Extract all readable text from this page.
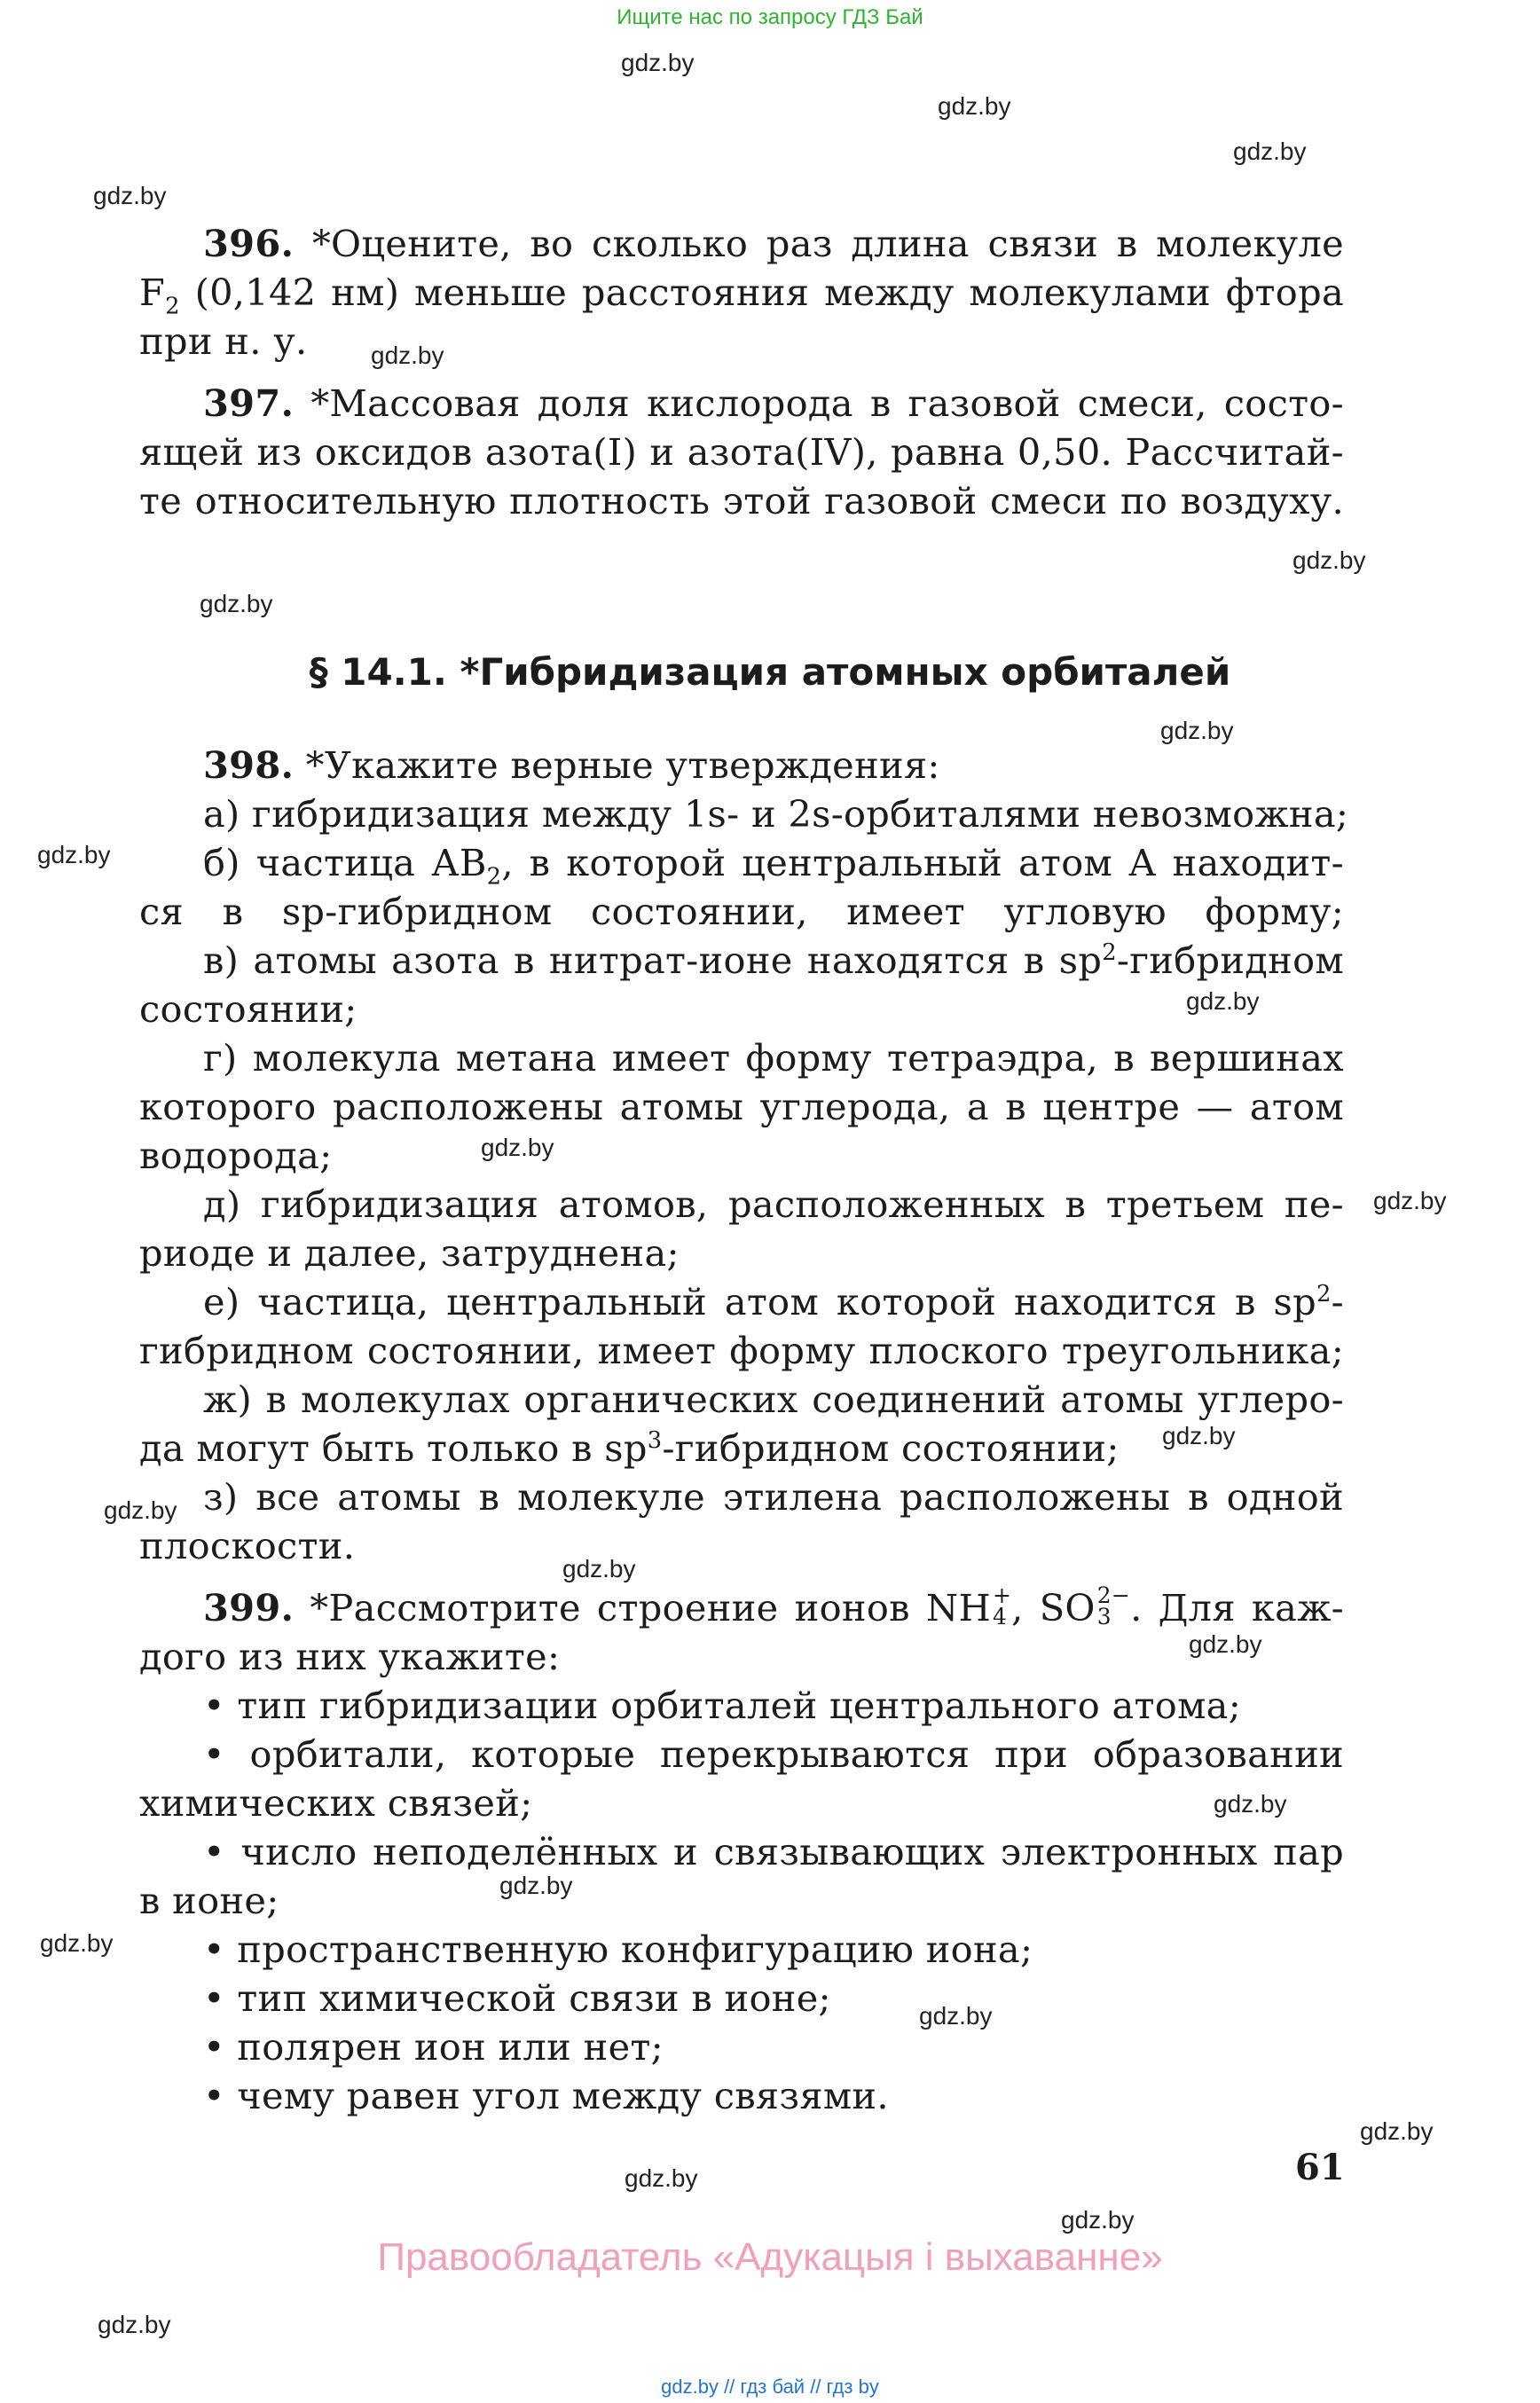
Ищите нас по запросу ГДЗ Бай
gdz.by
gdz.by
gdz.by
gdz.by
gdz.by
gdz.by
gdz.by
gdz.by
gdz.by
gdz.by
gdz.by
gdz.by
gdz.by
gdz.by
gdz.by
gdz.by
gdz.by
gdz.by
gdz.by
gdz.by
gdz.by
gdz.by
gdz.by
gdz.by
396. *Оцените, во сколько раз длина связи в молекуле
$F_2$ (0,142 нм) меньше расстояния между молекулами фтора
при н. у.
397. *Массовая доля кислорода в газовой смеси, состо-
ящей из оксидов азота(I) и азота(IV), равна 0,50. Рассчитай-
те относительную плотность этой газовой смеси по воздуху.
398. *Укажите верные утверждения:
а) гибридизация между 1s- и 2s-орбиталями невозможна;
б) частица $АВ_2$, в которой центральный атом А находит-
ся в sp-гибридном состоянии, имеет угловую форму;
в) атомы азота в нитрат-ионе находятся в $sp^2$-гибридном
состоянии;
г) молекула метана имеет форму тетраэдра, в вершинах
которого расположены атомы углерода, а в центре — атом
водорода;
д) гибридизация атомов, расположенных в третьем пе-
риоде и далее, затруднена;
е) частица, центральный атом которой находится в $sp^2-$
гибридном состоянии, имеет форму плоского треугольника;
ж) в молекулах органических соединений атомы углеро-
да могут быть только в $sp^3$-гибридном состоянии;
з) все атомы в молекуле этилена расположены в одной
плоскости.
399. *Рассмотрите строение ионов NH +
4 , SO 2−
3 . Для каж-
дого из них укажите:
• тип гибридизации орбиталей центрального атома;
• орбитали, которые перекрываются при образовании
химических связей;
• число неподелённых и связывающих электронных пар
в ионе;
• пространственную конфигурацию иона;
• тип химической связи в ионе;
• полярен ион или нет;
• чему равен угол между связями.
§ 14.1. *Гибридизация атомных орбиталей
61
Правообладатель «Адукацыя і выхаванне»
gdz.by // гдз бай // гдз by
